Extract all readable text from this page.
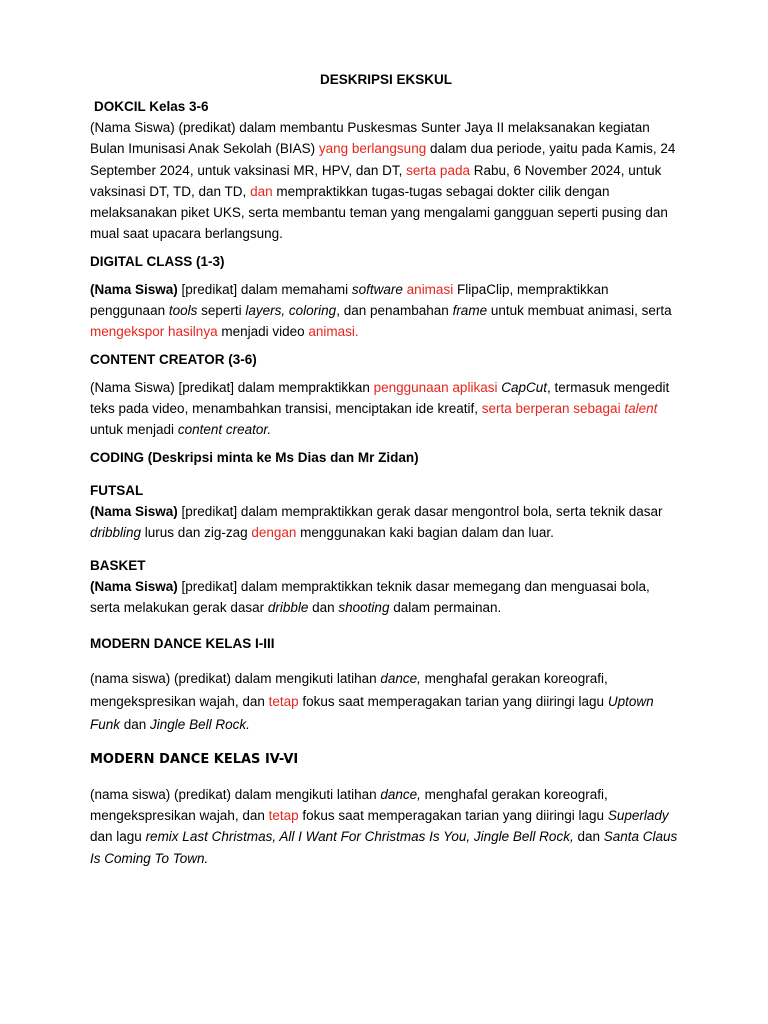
DESKRIPSI EKSKUL
DOKCIL Kelas 3-6

(Nama Siswa) (predikat) dalam membantu Puskesmas Sunter Jaya II melaksanakan kegiatan Bulan Imunisasi Anak Sekolah (BIAS) yang berlangsung dalam dua periode, yaitu pada Kamis, 24 September 2024, untuk vaksinasi MR, HPV, dan DT, serta pada Rabu, 6 November 2024, untuk vaksinasi DT, TD, dan TD, dan mempraktikkan tugas-tugas sebagai dokter cilik dengan melaksanakan piket UKS, serta membantu teman yang mengalami gangguan seperti pusing dan mual saat upacara berlangsung.

DIGITAL CLASS (1-3)

(Nama Siswa) [predikat] dalam memahami software animasi FlipaClip, mempraktikkan penggunaan tools seperti layers, coloring, dan penambahan frame untuk membuat animasi, serta mengekspor hasilnya menjadi video animasi.

CONTENT CREATOR (3-6)

(Nama Siswa) [predikat] dalam mempraktikkan penggunaan aplikasi CapCut, termasuk mengedit teks pada video, menambahkan transisi, menciptakan ide kreatif, serta berperan sebagai talent untuk menjadi content creator.

CODING (Deskripsi minta ke Ms Dias dan Mr Zidan)
FUTSAL

(Nama Siswa) [predikat] dalam mempraktikkan gerak dasar mengontrol bola, serta teknik dasar dribbling lurus dan zig-zag dengan menggunakan kaki bagian dalam dan luar.

BASKET

(Nama Siswa) [predikat] dalam mempraktikkan teknik dasar memegang dan menguasai bola, serta melakukan gerak dasar dribble dan shooting dalam permainan.

MODERN DANCE KELAS I-III

(nama siswa) (predikat) dalam mengikuti latihan dance, menghafal gerakan koreografi, mengekspresikan wajah, dan tetap fokus saat memperagakan tarian yang diiringi lagu Uptown Funk dan Jingle Bell Rock.

MODERN DANCE KELAS IV-VI

(nama siswa) (predikat) dalam mengikuti latihan dance, menghafal gerakan koreografi, mengekspresikan wajah, dan tetap fokus saat memperagakan tarian yang diiringi lagu Superlady dan lagu remix Last Christmas, All I Want For Christmas Is You, Jingle Bell Rock, dan Santa Claus Is Coming To Town.
